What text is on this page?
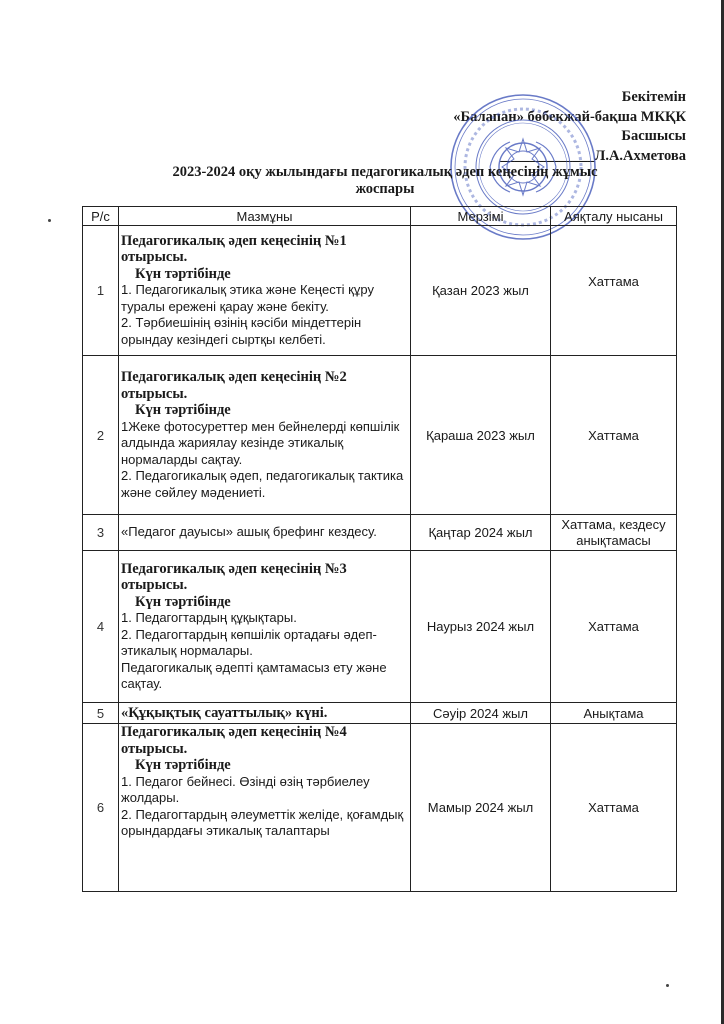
Бекітемін
«Балапан» бөбекжай-бақша МКҚК
Басшысы
_____________Л.А.Ахметова
2023-2024 оқу жылындағы педагогикалық әдеп кеңесінің жұмыс
жоспары
Р/с	Мазмұны	Мерзімі	Аяқталу нысаны
1	Педагогикалық әдеп кеңесінің №1 отырысы.
Күн тәртібінде
1. Педагогикалық этика және Кеңесті құру туралы ережені қарау және бекіту.
2. Тәрбиешінің өзінің кәсіби міндеттерін орындау кезіндегі сыртқы келбеті.	Қазан 2023 жыл	Хаттама
2	Педагогикалық әдеп кеңесінің №2 отырысы.
Күн тәртібінде
1Жеке фотосуреттер мен бейнелерді көпшілік алдында жариялау кезінде этикалық нормаларды сақтау.
2. Педагогикалық әдеп, педагогикалық тактика және сөйлеу мәдениеті.	Қараша 2023 жыл	Хаттама
3	«Педагог дауысы» ашық брефинг кездесу.	Қаңтар 2024 жыл	Хаттама, кездесу анықтамасы
4	Педагогикалық әдеп кеңесінің №3 отырысы.
Күн тәртібінде
1. Педагогтардың құқықтары.
2. Педагогтардың көпшілік ортадағы әдеп-этикалық нормалары.
Педагогикалық әдепті қамтамасыз ету және сақтау.	Наурыз 2024 жыл	Хаттама
5	«Құқықтық сауаттылық» күні.	Сәуір 2024 жыл	Анықтама
6	Педагогикалық әдеп кеңесінің №4 отырысы.
Күн тәртібінде
1. Педагог бейнесі. Өзінді өзің тәрбиелеу жолдары.
2. Педагогтардың әлеуметтік желіде, қоғамдық орындардағы этикалық талаптары	Мамыр 2024 жыл	Хаттама
